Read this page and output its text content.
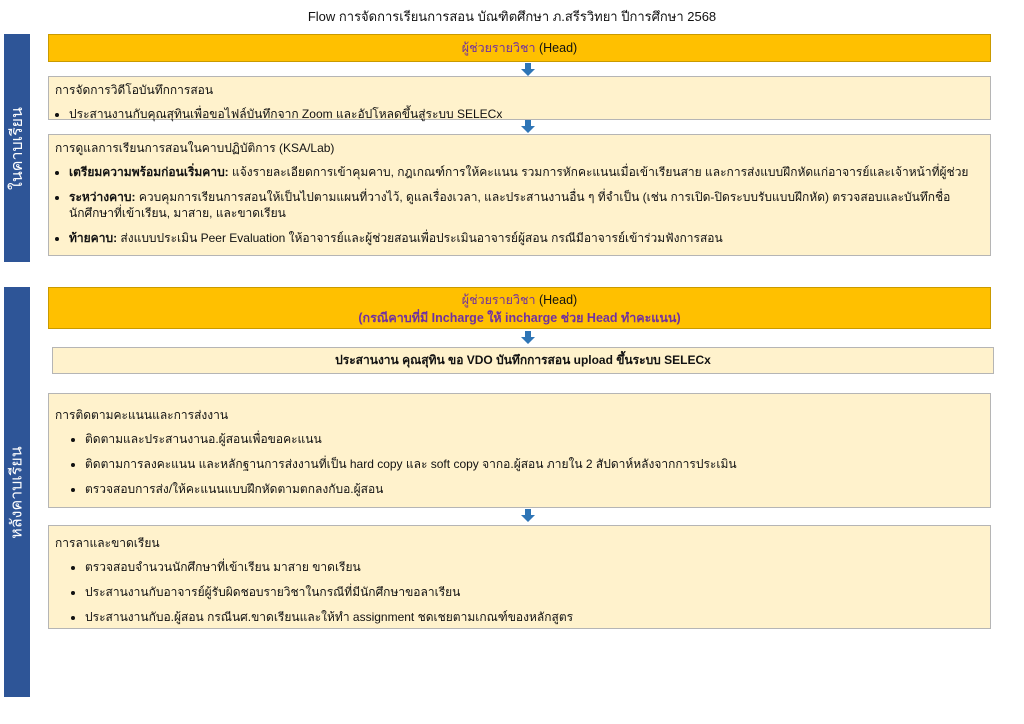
Flow การจัดการเรียนการสอน บัณฑิตศึกษา ภ.สรีรวิทยา ปีการศึกษา 2568
ในคาบเรียน
ผู้ช่วยรายวิชา (Head)
การจัดการวิดีโอบันทึกการสอน
• ประสานงานกับคุณสุทินเพื่อขอไฟล์บันทึกจาก Zoom และอัปโหลดขึ้นสู่ระบบ SELECx
การดูแลการเรียนการสอนในคาบปฏิบัติการ (KSA/Lab)
• เตรียมความพร้อมก่อนเริ่มคาบ: แจ้งรายละเอียดการเข้าคุมคาบ, กฎเกณฑ์การให้คะแนน รวมการหักคะแนนเมื่อเข้าเรียนสาย และการส่งแบบฝึกหัดแก่อาจารย์และเจ้าหน้าที่ผู้ช่วย
• ระหว่างคาบ: ควบคุมการเรียนการสอนให้เป็นไปตามแผนที่วางไว้, ดูแลเรื่องเวลา, และประสานงานอื่น ๆ ที่จำเป็น (เช่น การเปิด-ปิดระบบรับแบบฝึกหัด) ตรวจสอบและบันทึกชื่อนักศึกษาที่เข้าเรียน, มาสาย, และขาดเรียน
• ท้ายคาบ: ส่งแบบประเมิน Peer Evaluation ให้อาจารย์และผู้ช่วยสอนเพื่อประเมินอาจารย์ผู้สอน กรณีมีอาจารย์เข้าร่วมฟังการสอน
หลังคาบเรียน
ผู้ช่วยรายวิชา (Head)
(กรณีคาบที่มี Incharge ให้ incharge ช่วย Head ทำคะแนน)
ประสานงาน คุณสุทิน ขอ VDO บันทึกการสอน upload ขึ้นระบบ SELECx
การติดตามคะแนนและการส่งงาน
• ติดตามและประสานงานอ.ผู้สอนเพื่อขอคะแนน
• ติดตามการลงคะแนน และหลักฐานการส่งงานที่เป็น hard copy และ soft copy จากอ.ผู้สอน ภายใน 2 สัปดาห์หลังจากการประเมิน
• ตรวจสอบการส่ง/ให้คะแนนแบบฝึกหัดตามตกลงกับอ.ผู้สอน
การลาและขาดเรียน
• ตรวจสอบจำนวนนักศึกษาที่เข้าเรียน มาสาย ขาดเรียน
• ประสานงานกับอาจารย์ผู้รับผิดชอบรายวิชาในกรณีที่มีนักศึกษาขอลาเรียน
• ประสานงานกับอ.ผู้สอน กรณีนศ.ขาดเรียนและให้ทำ assignment ชดเชยตามเกณฑ์ของหลักสูตร
